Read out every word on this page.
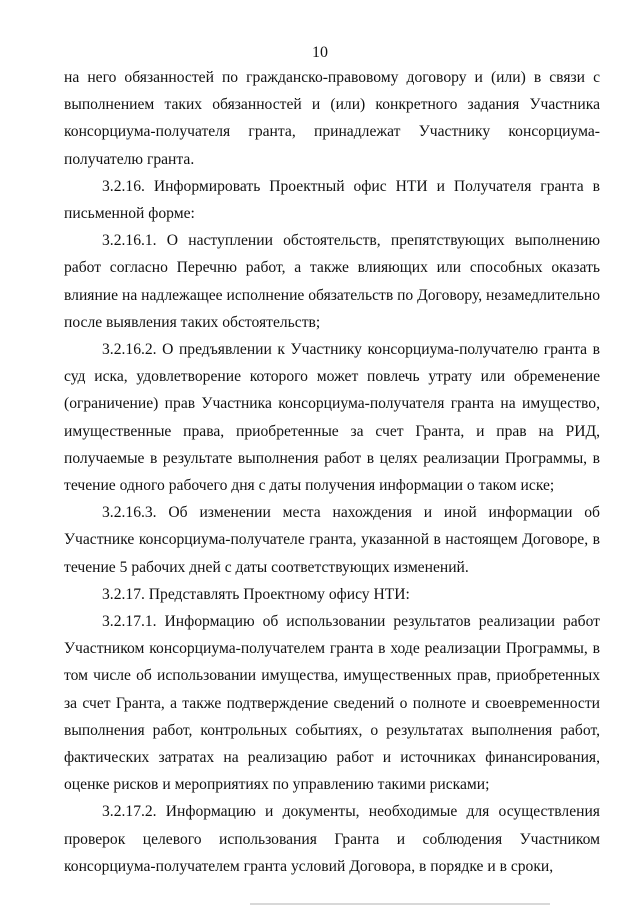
10

на него обязанностей по гражданско-правовому договору и (или) в связи с выполнением таких обязанностей и (или) конкретного задания Участника консорциума-получателя гранта, принадлежат Участнику консорциума-получателю гранта.

3.2.16. Информировать Проектный офис НТИ и Получателя гранта в письменной форме:

3.2.16.1. О наступлении обстоятельств, препятствующих выполнению работ согласно Перечню работ, а также влияющих или способных оказать влияние на надлежащее исполнение обязательств по Договору, незамедлительно после выявления таких обстоятельств;

3.2.16.2. О предъявлении к Участнику консорциума-получателю гранта в суд иска, удовлетворение которого может повлечь утрату или обременение (ограничение) прав Участника консорциума-получателя гранта на имущество, имущественные права, приобретенные за счет Гранта, и прав на РИД, получаемые в результате выполнения работ в целях реализации Программы, в течение одного рабочего дня с даты получения информации о таком иске;

3.2.16.3. Об изменении места нахождения и иной информации об Участнике консорциума-получателе гранта, указанной в настоящем Договоре, в течение 5 рабочих дней с даты соответствующих изменений.

3.2.17. Представлять Проектному офису НТИ:

3.2.17.1. Информацию об использовании результатов реализации работ Участником консорциума-получателем гранта в ходе реализации Программы, в том числе об использовании имущества, имущественных прав, приобретенных за счет Гранта, а также подтверждение сведений о полноте и своевременности выполнения работ, контрольных событиях, о результатах выполнения работ, фактических затратах на реализацию работ и источниках финансирования, оценке рисков и мероприятиях по управлению такими рисками;

3.2.17.2. Информацию и документы, необходимые для осуществления проверок целевого использования Гранта и соблюдения Участником консорциума-получателем гранта условий Договора, в порядке и в сроки,
